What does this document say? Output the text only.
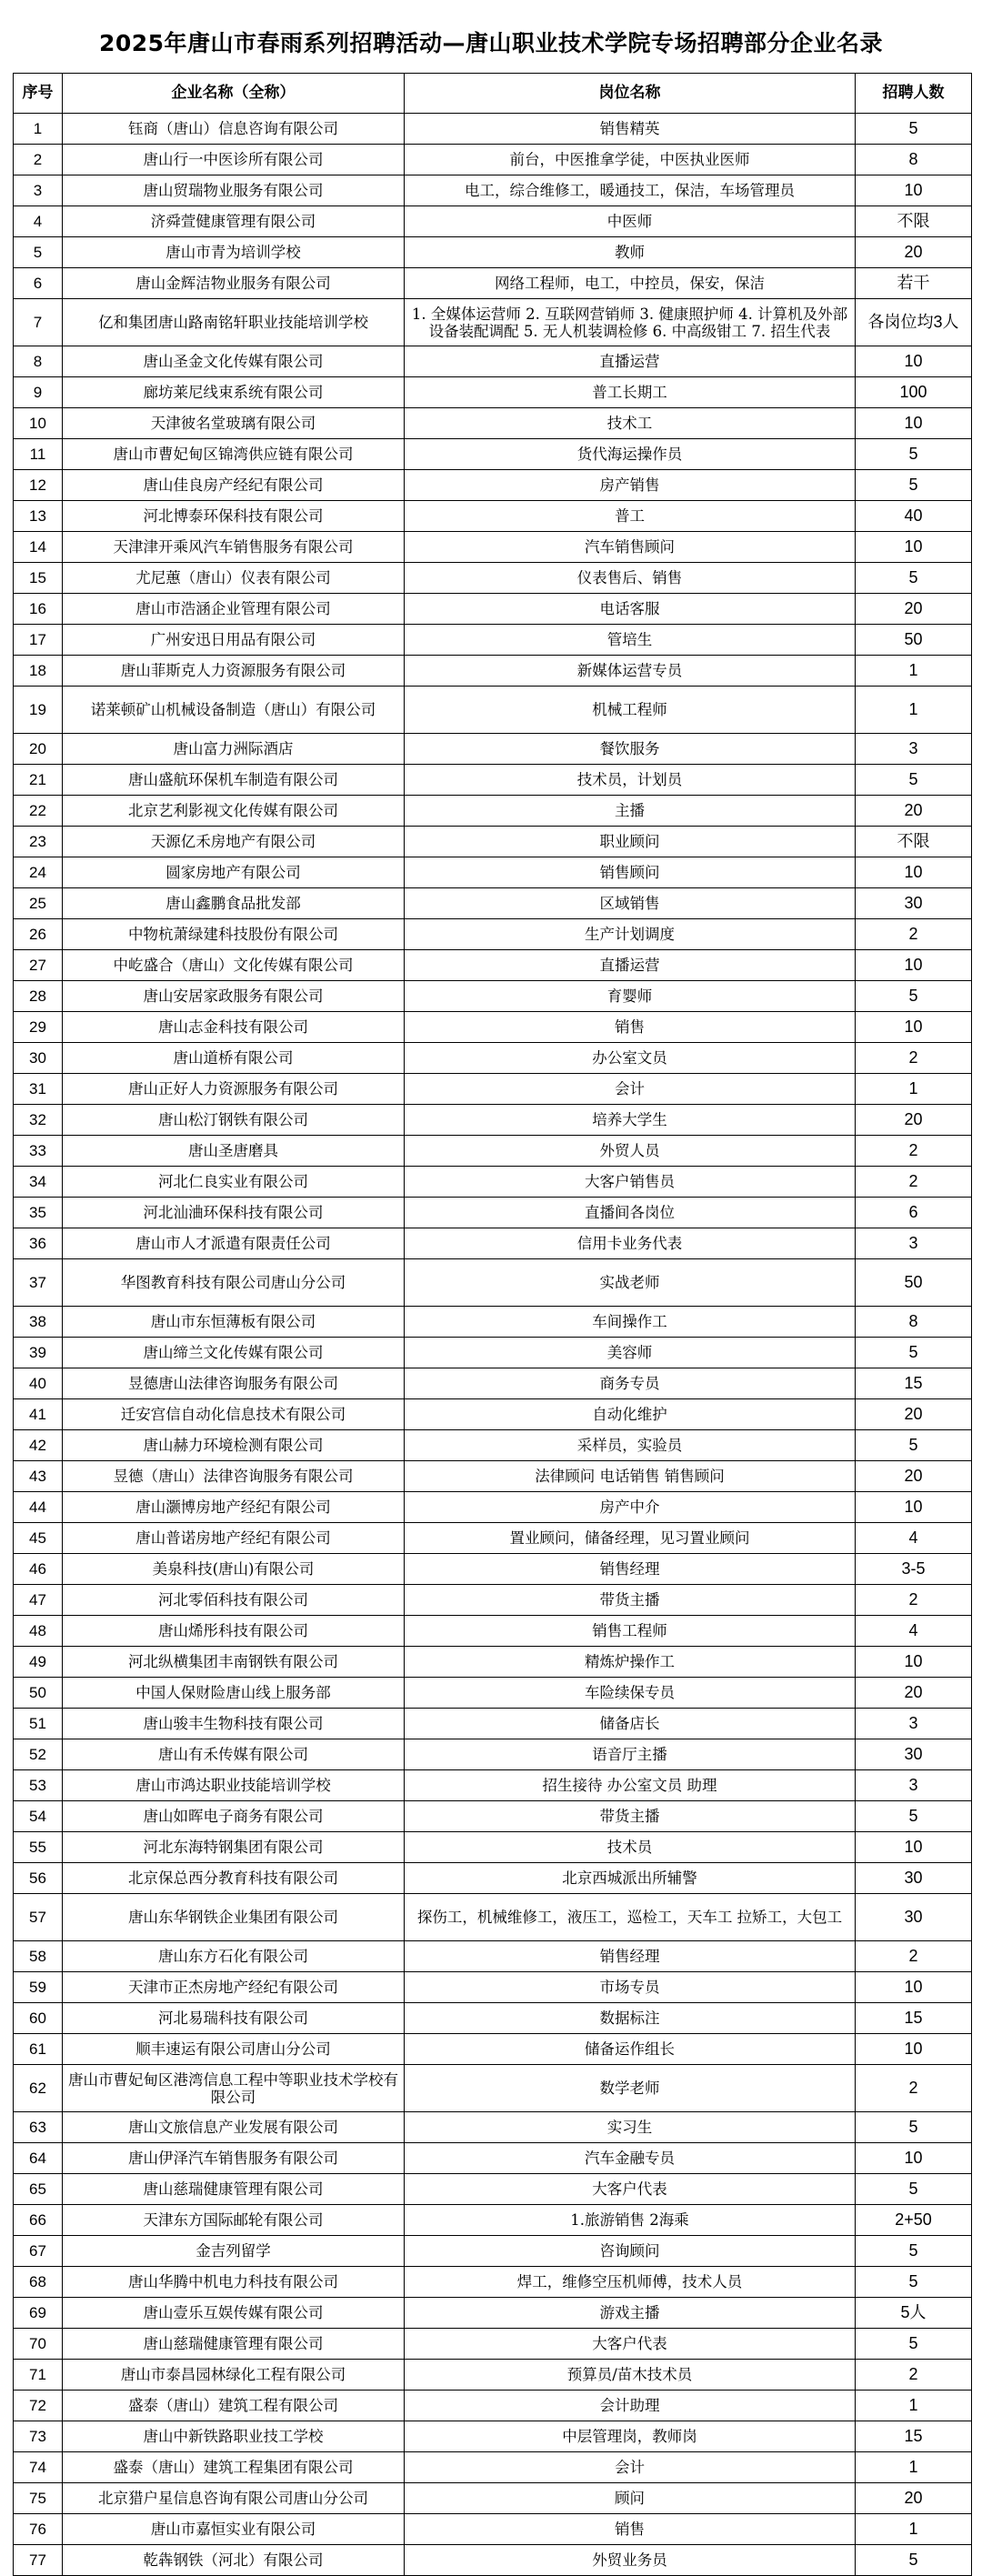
2025年唐山市春雨系列招聘活动—唐山职业技术学院专场招聘部分企业名录
序号	企业名称（全称）	岗位名称	招聘人数
1	钰商（唐山）信息咨询有限公司	销售精英	5
2	唐山行一中医诊所有限公司	前台，中医推拿学徒，中医执业医师	8
3	唐山贸瑞物业服务有限公司	电工，综合维修工，暖通技工，保洁，车场管理员	10
4	济舜萱健康管理有限公司	中医师	不限
5	唐山市青为培训学校	教师	20
6	唐山金辉洁物业服务有限公司	网络工程师，电工，中控员，保安，保洁	若干
7	亿和集团唐山路南铭轩职业技能培训学校	1. 全媒体运营师 2. 互联网营销师 3. 健康照护师 4. 计算机及外部设备装配调配 5. 无人机装调检修 6. 中高级钳工 7. 招生代表	各岗位均3人
8	唐山圣金文化传媒有限公司	直播运营	10
9	廊坊莱尼线束系统有限公司	普工长期工	100
10	天津彼名堂玻璃有限公司	技术工	10
11	唐山市曹妃甸区锦湾供应链有限公司	货代海运操作员	5
12	唐山佳良房产经纪有限公司	房产销售	5
13	河北博泰环保科技有限公司	普工	40
14	天津津开乘风汽车销售服务有限公司	汽车销售顾问	10
15	尤尼蕙（唐山）仪表有限公司	仪表售后、销售	5
16	唐山市浩涵企业管理有限公司	电话客服	20
17	广州安迅日用品有限公司	管培生	50
18	唐山菲斯克人力资源服务有限公司	新媒体运营专员	1
19	诺莱顿矿山机械设备制造（唐山）有限公司	机械工程师	1
20	唐山富力洲际酒店	餐饮服务	3
21	唐山盛航环保机车制造有限公司	技术员，计划员	5
22	北京艺利影视文化传媒有限公司	主播	20
23	天源亿禾房地产有限公司	职业顾问	不限
24	圆家房地产有限公司	销售顾问	10
25	唐山鑫鹏食品批发部	区域销售	30
26	中物杭萧绿建科技股份有限公司	生产计划调度	2
27	中屹盛合（唐山）文化传媒有限公司	直播运营	10
28	唐山安居家政服务有限公司	育婴师	5
29	唐山志金科技有限公司	销售	10
30	唐山道桥有限公司	办公室文员	2
31	唐山正好人力资源服务有限公司	会计	1
32	唐山松汀钢铁有限公司	培养大学生	20
33	唐山圣唐磨具	外贸人员	2
34	河北仁良实业有限公司	大客户销售员	2
35	河北汕浀环保科技有限公司	直播间各岗位	6
36	唐山市人才派遣有限责任公司	信用卡业务代表	3
37	华图教育科技有限公司唐山分公司	实战老师	50
38	唐山市东恒薄板有限公司	车间操作工	8
39	唐山缔兰文化传媒有限公司	美容师	5
40	昱德唐山法律咨询服务有限公司	商务专员	15
41	迁安宫信自动化信息技术有限公司	自动化维护	20
42	唐山赫力环境检测有限公司	采样员，实验员	5
43	昱德（唐山）法律咨询服务有限公司	法律顾问 电话销售 销售顾问	20
44	唐山灏博房地产经纪有限公司	房产中介	10
45	唐山普诺房地产经纪有限公司	置业顾问，储备经理，见习置业顾问	4
46	美泉科技(唐山)有限公司	销售经理	3-5
47	河北零佰科技有限公司	带货主播	2
48	唐山烯彤科技有限公司	销售工程师	4
49	河北纵横集团丰南钢铁有限公司	精炼炉操作工	10
50	中国人保财险唐山线上服务部	车险续保专员	20
51	唐山骏丰生物科技有限公司	储备店长	3
52	唐山有禾传媒有限公司	语音厅主播	30
53	唐山市鸿达职业技能培训学校	招生接待 办公室文员 助理	3
54	唐山如晖电子商务有限公司	带货主播	5
55	河北东海特钢集团有限公司	技术员	10
56	北京保总西分教育科技有限公司	北京西城派出所辅警	30
57	唐山东华钢铁企业集团有限公司	探伤工，机械维修工，液压工，巡检工，天车工 拉矫工，大包工	30
58	唐山东方石化有限公司	销售经理	2
59	天津市正杰房地产经纪有限公司	市场专员	10
60	河北易瑞科技有限公司	数据标注	15
61	顺丰速运有限公司唐山分公司	储备运作组长	10
62	唐山市曹妃甸区港湾信息工程中等职业技术学校有限公司	数学老师	2
63	唐山文旅信息产业发展有限公司	实习生	5
64	唐山伊泽汽车销售服务有限公司	汽车金融专员	10
65	唐山慈瑞健康管理有限公司	大客户代表	5
66	天津东方国际邮轮有限公司	1.旅游销售 2海乘	2+50
67	金吉列留学	咨询顾问	5
68	唐山华腾中机电力科技有限公司	焊工，维修空压机师傅，技术人员	5
69	唐山壹乐互娱传媒有限公司	游戏主播	5人
70	唐山慈瑞健康管理有限公司	大客户代表	5
71	唐山市泰昌园林绿化工程有限公司	预算员/苗木技术员	2
72	盛泰（唐山）建筑工程有限公司	会计助理	1
73	唐山中新铁路职业技工学校	中层管理岗，教师岗	15
74	盛泰（唐山）建筑工程集团有限公司	会计	1
75	北京猎户星信息咨询有限公司唐山分公司	顾问	20
76	唐山市嘉恒实业有限公司	销售	1
77	乾犇钢铁（河北）有限公司	外贸业务员	5
